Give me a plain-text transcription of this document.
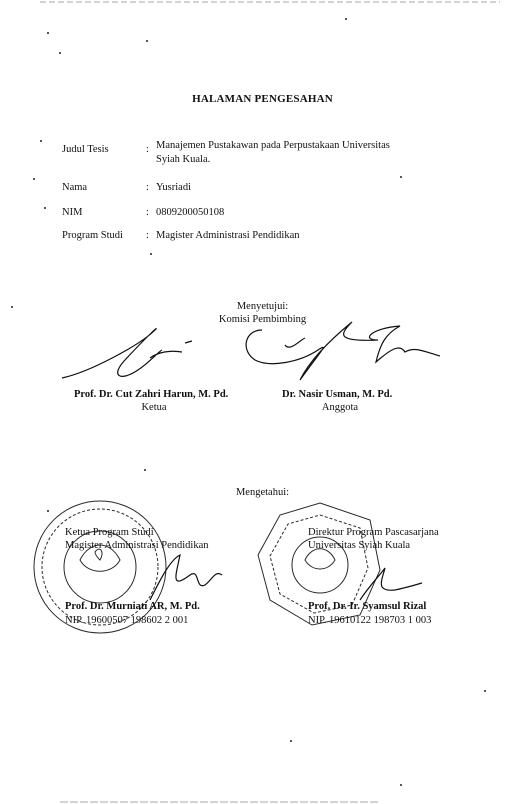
HALAMAN PENGESAHAN
Judul Tesis	: Manajemen Pustakawan pada Perpustakaan Universitas
Syiah Kuala.
Nama	: Yusriadi
NIM	: 0809200050108
Program Studi : Magister Administrasi Pendidikan
Menyetujui:
Komisi Pembimbing
Prof. Dr. Cut Zahri Harun, M. Pd.
Ketua
Dr. Nasir Usman, M. Pd.
Anggota
Mengetahui:
Ketua Program Studi
Magister Administrasi Pendidikan
Prof. Dr. Murniati AR, M. Pd.
NIP. 19600507 198602 2 001
Direktur Program Pascasarjana
Universitas Syiah Kuala
Prof. Dr. Ir. Syamsul Rizal
NIP. 19610122 198703 1 003
